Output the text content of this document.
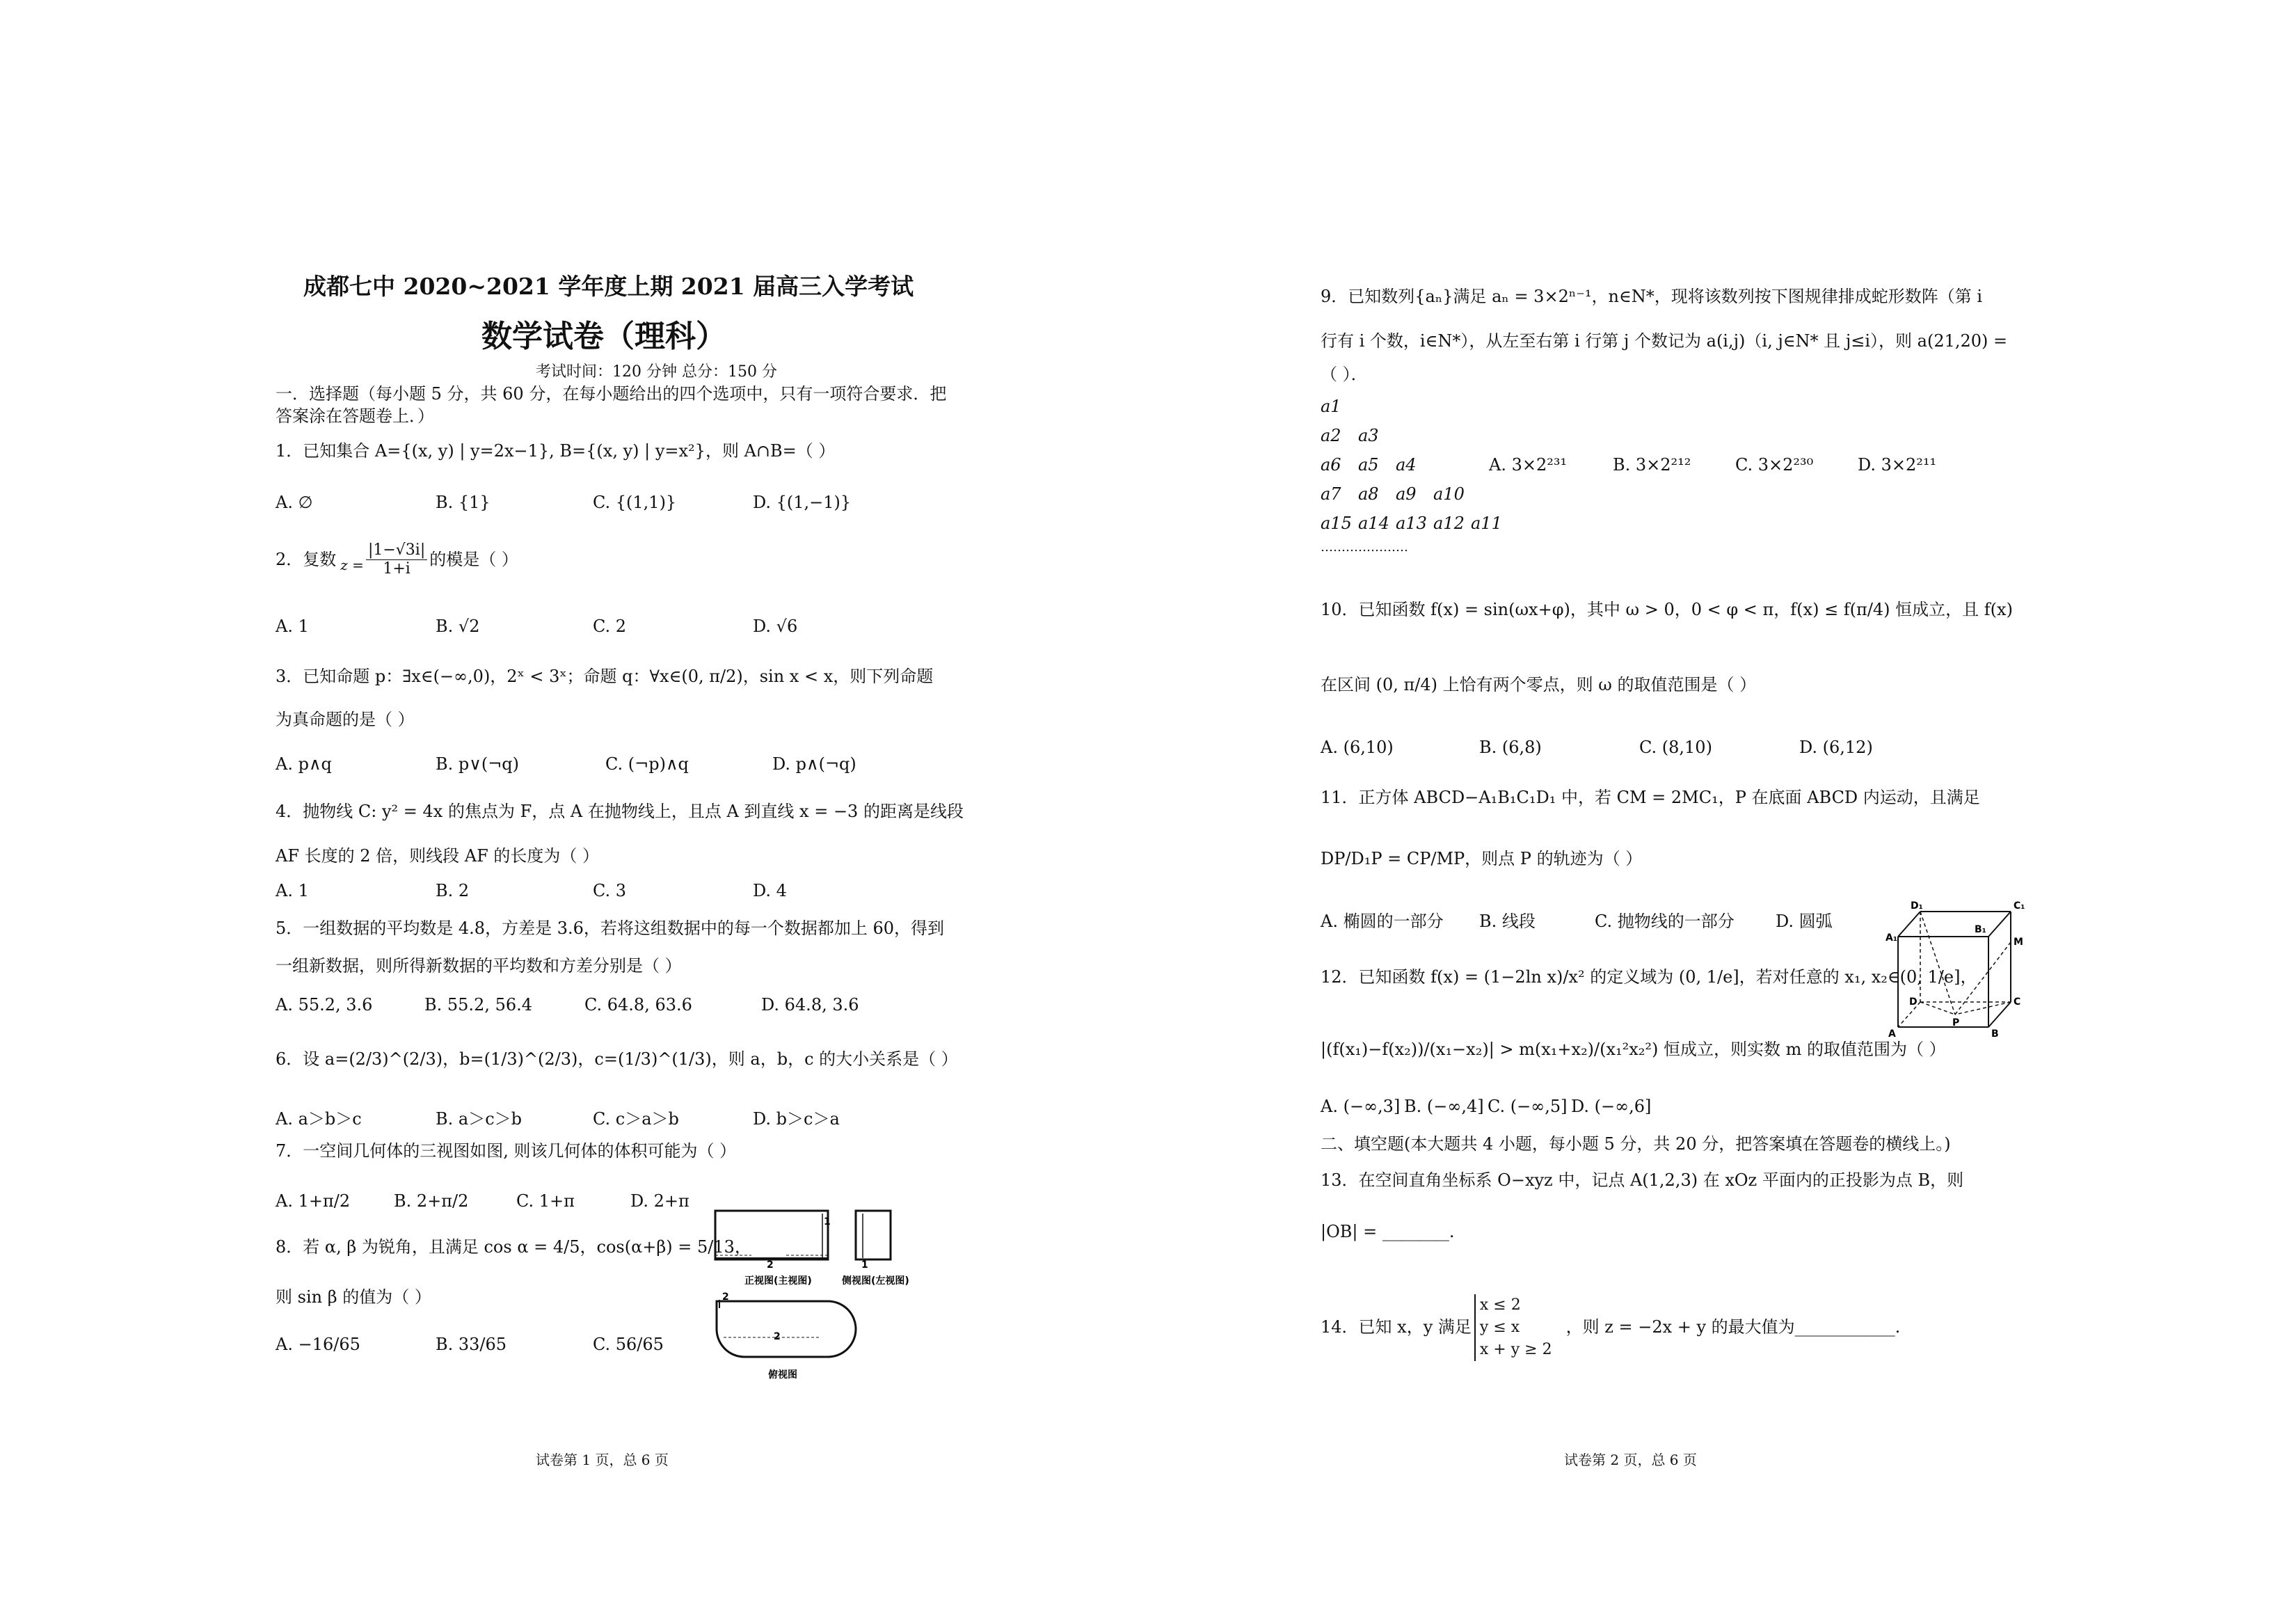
成都七中 2020~2021 学年度上期 2021 届高三入学考试
数学试卷（理科）
考试时间：120 分钟 总分：150 分
一．选择题（每小题 5 分，共 60 分，在每小题给出的四个选项中，只有一项符合要求．把
答案涂在答题卷上．）
1．已知集合 A={(x, y) | y=2x−1}, B={(x, y) | y=x²}，则 A∩B=（ ）
A. ∅	B. {1}	C. {(1,1)}	D. {(1,−1)}
2．复数 $z = \frac{|1-√3i|}{1+i}$ 的模是（ ）
A. 1	B. √2	C. 2	D. √6
3．已知命题 p：∃x∈(−∞,0)，2ˣ < 3ˣ；命题 q：∀x∈(0, π/2)，sin x < x，则下列命题
为真命题的是（ ）
A. p∧q	B. p∨(¬q)	C. (¬p)∧q	D. p∧(¬q)
4．抛物线 C: y² = 4x 的焦点为 F，点 A 在抛物线上，且点 A 到直线 x = −3 的距离是线段
AF 长度的 2 倍，则线段 AF 的长度为（ ）
A. 1	B. 2	C. 3	D. 4
5．一组数据的平均数是 4.8，方差是 3.6，若将这组数据中的每一个数据都加上 60，得到
一组新数据，则所得新数据的平均数和方差分别是（ ）
A. 55.2, 3.6	B. 55.2, 56.4	C. 64.8, 63.6	D. 64.8, 3.6
6．设 a=(2/3)^(2/3)，b=(1/3)^(2/3)，c=(1/3)^(1/3)，则 a，b，c 的大小关系是（ ）
A. a＞b＞c	B. a＞c＞b	C. c＞a＞b	D. b＞c＞a
7．一空间几何体的三视图如图, 则该几何体的体积可能为（ ）
A. 1+π/2	B. 2+π/2	C. 1+π	D. 2+π
8．若 α, β 为锐角，且满足 cos α = 4/5，cos(α+β) = 5/13，
则 sin β 的值为（ ）
A. −16/65	B. 33/65	C. 56/65
2
1
正视图(主视图)
1
侧视图(左视图)
2
2
俯视图
试卷第 1 页，总 6 页
9．已知数列{aₙ}满足 aₙ = 3×2ⁿ⁻¹，n∈N*，现将该数列按下图规律排成蛇形数阵（第 i
行有 i 个数，i∈N*），从左至右第 i 行第 j 个数记为 a(i,j)（i, j∈N* 且 j≤i），则 a(21,20) =
（ ）．
a1
a2 a3
a6 a5 a4
a7 a8 a9 a10
a15 a14 a13 a12 a11
…………………
A. 3×2²³¹	B. 3×2²¹²	C. 3×2²³⁰	D. 3×2²¹¹
10．已知函数 f(x) = sin(ωx+φ)，其中 ω > 0，0 < φ < π，f(x) ≤ f(π/4) 恒成立，且 f(x)
在区间 (0, π/4) 上恰有两个零点，则 ω 的取值范围是（ ）
A. (6,10)	B. (6,8)	C. (8,10)	D. (6,12)
11．正方体 ABCD−A₁B₁C₁D₁ 中，若 CM = 2MC₁，P 在底面 ABCD 内运动，且满足
DP/D₁P = CP/MP，则点 P 的轨迹为（ ）
A. 椭圆的一部分 B. 线段	C. 抛物线的一部分 D. 圆弧
D₁	C₁
B₁
A₁	M
D	C
A
P
B
12．已知函数 f(x) = (1−2ln x)/x² 的定义域为 (0, 1/e]，若对任意的 x₁, x₂∈(0, 1/e]，
|(f(x₁)−f(x₂))/(x₁−x₂)| > m(x₁+x₂)/(x₁²x₂²) 恒成立，则实数 m 的取值范围为（ ）
A. (−∞,3] B. (−∞,4] C. (−∞,5] D. (−∞,6]
二、填空题(本大题共 4 小题，每小题 5 分，共 20 分，把答案填在答题卷的横线上。)
13．在空间直角坐标系 O−xyz 中，记点 A(1,2,3) 在 xOz 平面内的正投影为点 B，则
|OB| = ________.
14．已知 x，y 满足
x ≤ 2
y ≤ x
x + y ≥ 2
，则 z = −2x + y 的最大值为____________.
试卷第 2 页，总 6 页
